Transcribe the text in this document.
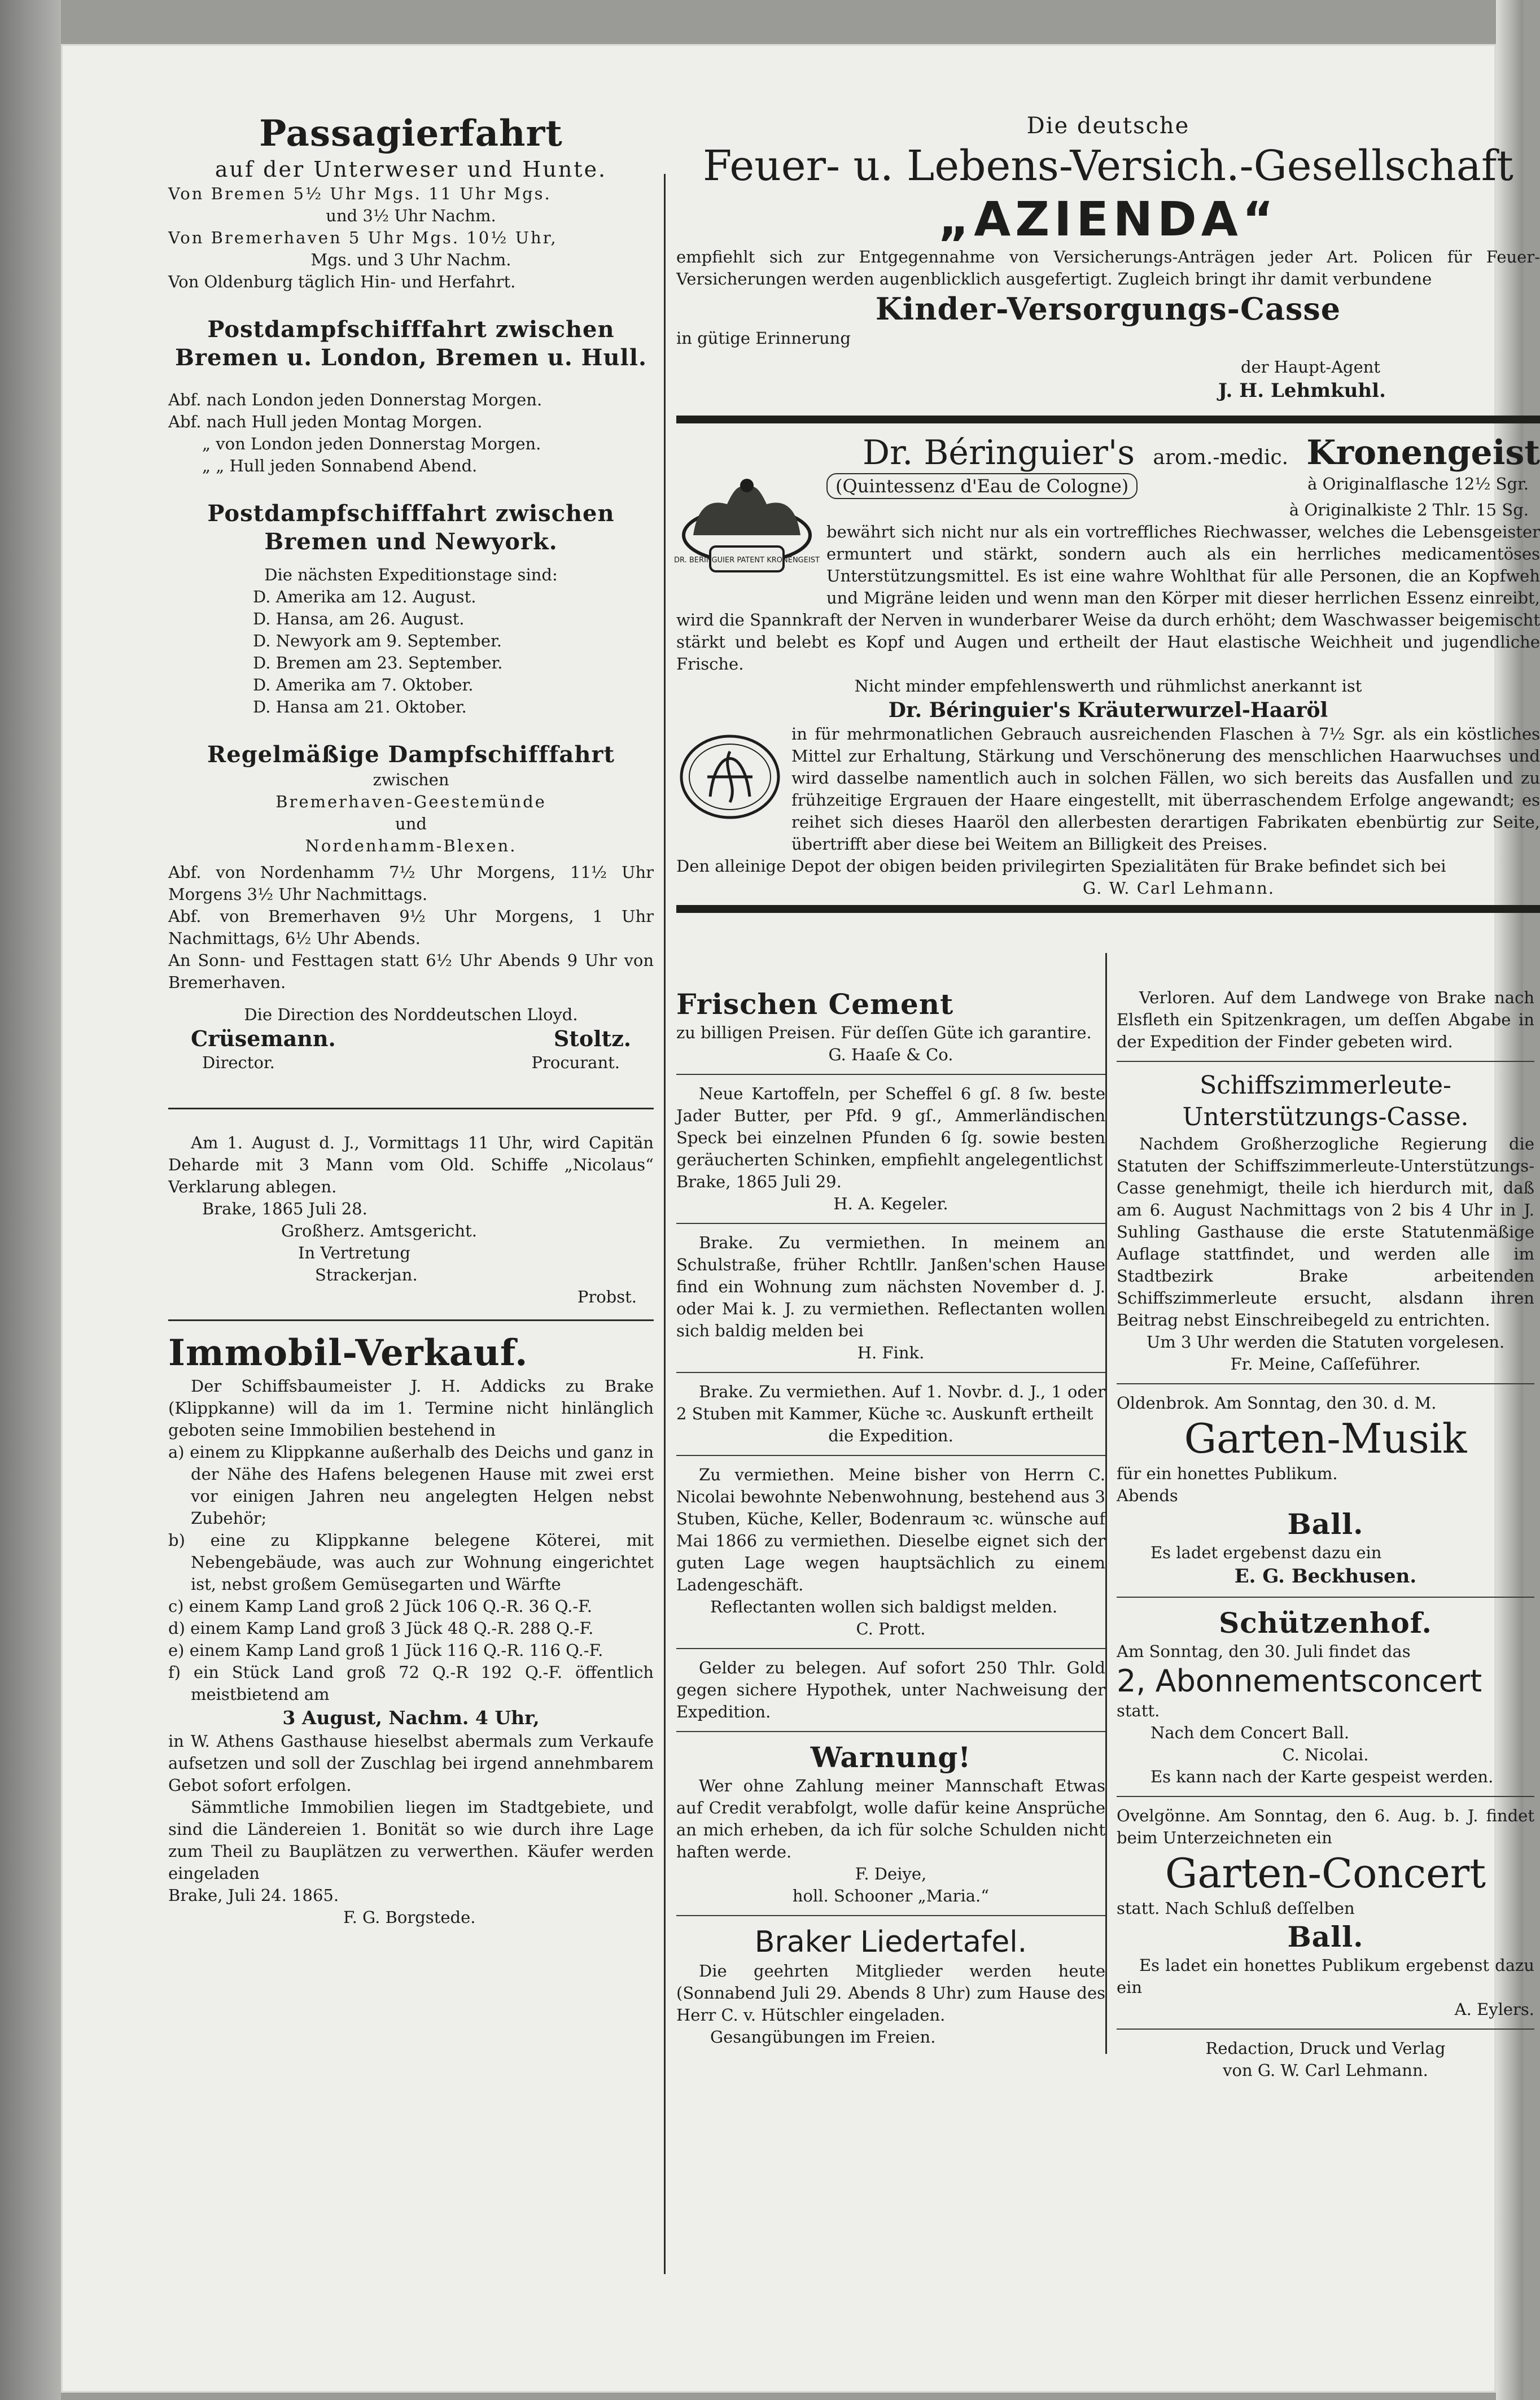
Passagierfahrt

auf der Unterweser und Hunte.

Von Bremen 5½ Uhr Mgs. 11 Uhr Mgs.

und 3½ Uhr Nachm.

Von Bremerhaven 5 Uhr Mgs. 10½ Uhr,

Mgs. und 3 Uhr Nachm.

Von Oldenburg täglich Hin- und Herfahrt.

Postdampfschifffahrt zwischen Bremen u. London, Bremen u. Hull.

Abf. nach London jeden Donnerstag Morgen.

Abf. nach Hull jeden Montag Morgen.

„ von London jeden Donnerstag Morgen.

„ „ Hull jeden Sonnabend Abend.

Postdampfschifffahrt zwischen Bremen und Newyork.

Die nächsten Expeditionstage sind:

D. Amerika am 12. August.

D. Hansa, am 26. August.

D. Newyork am 9. September.

D. Bremen am 23. September.

D. Amerika am 7. Oktober.

D. Hansa am 21. Oktober.

Regelmäßige Dampfschifffahrt

zwischen

Bremerhaven-Geestemünde

und

Nordenhamm-Blexen.

Abf. von Nordenhamm 7½ Uhr Morgens, 11½ Uhr Morgens 3½ Uhr Nachmittags.

Abf. von Bremerhaven 9½ Uhr Morgens, 1 Uhr Nachmittags, 6½ Uhr Abends.

An Sonn- und Festtagen statt 6½ Uhr Abends 9 Uhr von Bremerhaven.

Die Direction des Norddeutschen Lloyd.

Crüsemann.	Stoltz.

Director.	Procurant.

Am 1. August d. J., Vormittags 11 Uhr, wird Capitän Deharde mit 3 Mann vom Old. Schiffe „Nicolaus“ Verklarung ablegen.

Brake, 1865 Juli 28.

Großherz. Amtsgericht.

In Vertretung

Strackerjan.

Probst.

Immobil-Verkauf.

Der Schiffsbaumeister J. H. Addicks zu Brake (Klippkanne) will da im 1. Termine nicht hinlänglich geboten seine Immobilien bestehend in

a) einem zu Klippkanne außerhalb des Deichs und ganz in der Nähe des Hafens belegenen Hause mit zwei erst vor einigen Jahren neu angelegten Helgen nebst Zubehör;

b) eine zu Klippkanne belegene Köterei, mit Nebengebäude, was auch zur Wohnung eingerichtet ist, nebst großem Gemüsegarten und Wärfte

c) einem Kamp Land groß 2 Jück 106 Q.-R. 36 Q.-F.

d) einem Kamp Land groß 3 Jück 48 Q.-R. 288 Q.-F.

e) einem Kamp Land groß 1 Jück 116 Q.-R. 116 Q.-F.

f) ein Stück Land groß 72 Q.-R 192 Q.-F. öffentlich meistbietend am

3 August, Nachm. 4 Uhr,

in W. Athens Gasthause hieselbst abermals zum Verkaufe aufsetzen und soll der Zuschlag bei irgend annehmbarem Gebot sofort erfolgen.

Sämmtliche Immobilien liegen im Stadtgebiete, und sind die Ländereien 1. Bonität so wie durch ihre Lage zum Theil zu Bauplätzen zu verwerthen. Käufer werden eingeladen

Brake, Juli 24. 1865.

F. G. Borgstede.

Die deutsche

Feuer- u. Lebens-Versich.-Gesellschaft

„AZIENDA“

empfiehlt sich zur Entgegennahme von Versicherungs-Anträgen jeder Art. Policen für Feuer-Versicherungen werden augenblicklich ausgefertigt. Zugleich bringt ihr damit verbundene

Kinder-Versorgungs-Casse

in gütige Erinnerung

der Haupt-Agent

J. H. Lehmkuhl.

Dr. Béringuier's arom.-medic. Kronengeist

DR. BERINGUIER PATENT KRONENGEIST

(Quintessenz d'Eau de Cologne)	à Originalflasche 12½ Sgr.

à Originalkiste 2 Thlr. 15 Sg.

bewährt sich nicht nur als ein vortreffliches Riechwasser, welches die Lebensgeister ermuntert und stärkt, sondern auch als ein herrliches medicamentöses Unterstützungsmittel. Es ist eine wahre Wohlthat für alle Personen, die an Kopfweh und Migräne leiden und wenn man den Körper mit dieser herrlichen Essenz einreibt, wird die Spannkraft der Nerven in wunderbarer Weise da durch erhöht; dem Waschwasser beigemischt stärkt und belebt es Kopf und Augen und ertheilt der Haut elastische Weichheit und jugendliche Frische.

Nicht minder empfehlenswerth und rühmlichst anerkannt ist

Dr. Béringuier's Kräuterwurzel-Haaröl

in für mehrmonatlichen Gebrauch ausreichenden Flaschen à 7½ Sgr. als ein köstliches Mittel zur Erhaltung, Stärkung und Verschönerung des menschlichen Haarwuchses und wird dasselbe namentlich auch in solchen Fällen, wo sich bereits das Ausfallen und zu frühzeitige Ergrauen der Haare eingestellt, mit überraschendem Erfolge angewandt; es reihet sich dieses Haaröl den allerbesten derartigen Fabrikaten ebenbürtig zur Seite, übertrifft aber diese bei Weitem an Billigkeit des Preises.

Den alleinige Depot der obigen beiden privilegirten Spezialitäten für Brake befindet sich bei

G. W. Carl Lehmann.

Frischen Cement

zu billigen Preisen. Für deſſen Güte ich garantire.

G. Haaſe & Co.

Neue Kartoffeln, per Scheffel 6 gſ. 8 ſw. beste Jader Butter, per Pfd. 9 gſ., Ammerländischen Speck bei einzelnen Pfunden 6 ſg. sowie besten geräucherten Schinken, empfiehlt angelegentlichst

Brake, 1865 Juli 29.

H. A. Kegeler.

Brake. Zu vermiethen. In meinem an Schulstraße, früher Rchtllr. Janßen'schen Hause find ein Wohnung zum nächsten November d. J. oder Mai k. J. zu vermiethen. Reflectanten wollen sich baldig melden bei

H. Fink.

Brake. Zu vermiethen. Auf 1. Novbr. d. J., 1 oder 2 Stuben mit Kammer, Küche ꝛc. Auskunft ertheilt

die Expedition.

Zu vermiethen. Meine bisher von Herrn C. Nicolai bewohnte Nebenwohnung, bestehend aus 3 Stuben, Küche, Keller, Bodenraum ꝛc. wünsche auf Mai 1866 zu vermiethen. Dieselbe eignet sich der guten Lage wegen hauptsächlich zu einem Ladengeschäft.

Reflectanten wollen sich baldigst melden.

C. Prott.

Gelder zu belegen. Auf sofort 250 Thlr. Gold gegen sichere Hypothek, unter Nachweisung der Expedition.

Warnung!

Wer ohne Zahlung meiner Mannschaft Etwas auf Credit verabfolgt, wolle dafür keine Ansprüche an mich erheben, da ich für solche Schulden nicht haften werde.

F. Deiye,

holl. Schooner „Maria.“

Braker Liedertafel.

Die geehrten Mitglieder werden heute (Sonnabend Juli 29. Abends 8 Uhr) zum Hause des Herr C. v. Hütschler eingeladen.

Gesangübungen im Freien.

Verloren. Auf dem Landwege von Brake nach Elsfleth ein Spitzenkragen, um deſſen Abgabe in der Expedition der Finder gebeten wird.

Schiffszimmerleute-Unterstützungs-Casse.

Nachdem Großherzogliche Regierung die Statuten der Schiffszimmerleute-Unterstützungs-Casse genehmigt, theile ich hierdurch mit, daß am 6. August Nachmittags von 2 bis 4 Uhr in J. Suhling Gasthause die erste Statutenmäßige Auflage stattfindet, und werden alle im Stadtbezirk Brake arbeitenden Schiffszimmerleute ersucht, alsdann ihren Beitrag nebst Einschreibegeld zu entrichten.

Um 3 Uhr werden die Statuten vorgelesen.

Fr. Meine, Caſſeführer.

Oldenbrok. Am Sonntag, den 30. d. M.

Garten-Musik

für ein honettes Publikum.

Abends

Ball.

Es ladet ergebenst dazu ein

E. G. Beckhusen.

Schützenhof.

Am Sonntag, den 30. Juli findet das

2, Abonnementsconcert

statt.

Nach dem Concert Ball.

C. Nicolai.

Es kann nach der Karte gespeist werden.

Ovelgönne. Am Sonntag, den 6. Aug. b. J. findet beim Unterzeichneten ein

Garten-Concert

statt. Nach Schluß deſſelben

Ball.

Es ladet ein honettes Publikum ergebenst dazu ein

A. Eylers.

Redaction, Druck und Verlag

von G. W. Carl Lehmann.
